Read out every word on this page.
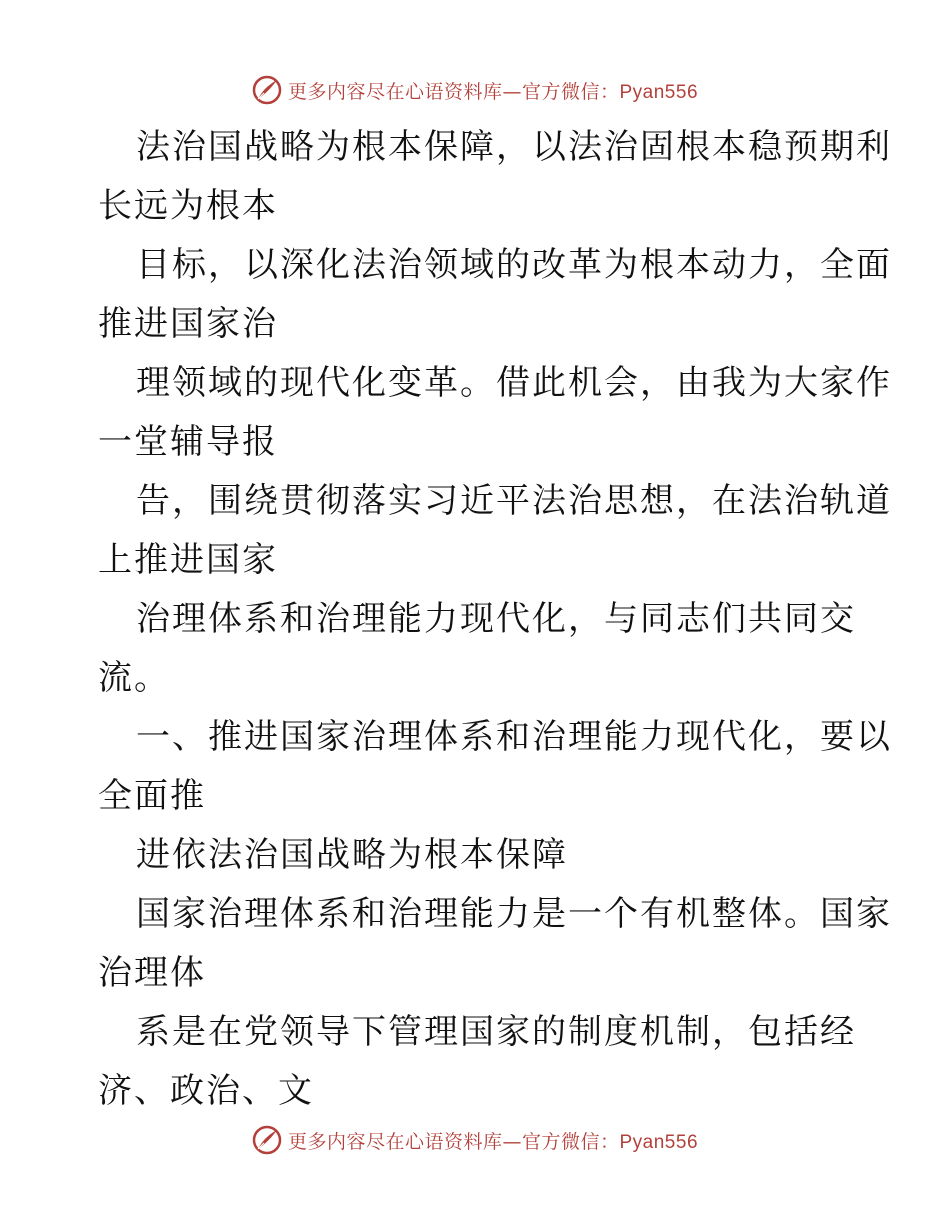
更多内容尽在心语资料库—官方微信：Pyan556
法治国战略为根本保障，以法治固根本稳预期利
长远为根本
目标，以深化法治领域的改革为根本动力，全面
推进国家治
理领域的现代化变革。借此机会，由我为大家作
一堂辅导报
告，围绕贯彻落实习近平法治思想，在法治轨道
上推进国家
治理体系和治理能力现代化，与同志们共同交
流。
一、推进国家治理体系和治理能力现代化，要以
全面推
进依法治国战略为根本保障
国家治理体系和治理能力是一个有机整体。国家
治理体
系是在党领导下管理国家的制度机制，包括经
济、政治、文
更多内容尽在心语资料库—官方微信：Pyan556
